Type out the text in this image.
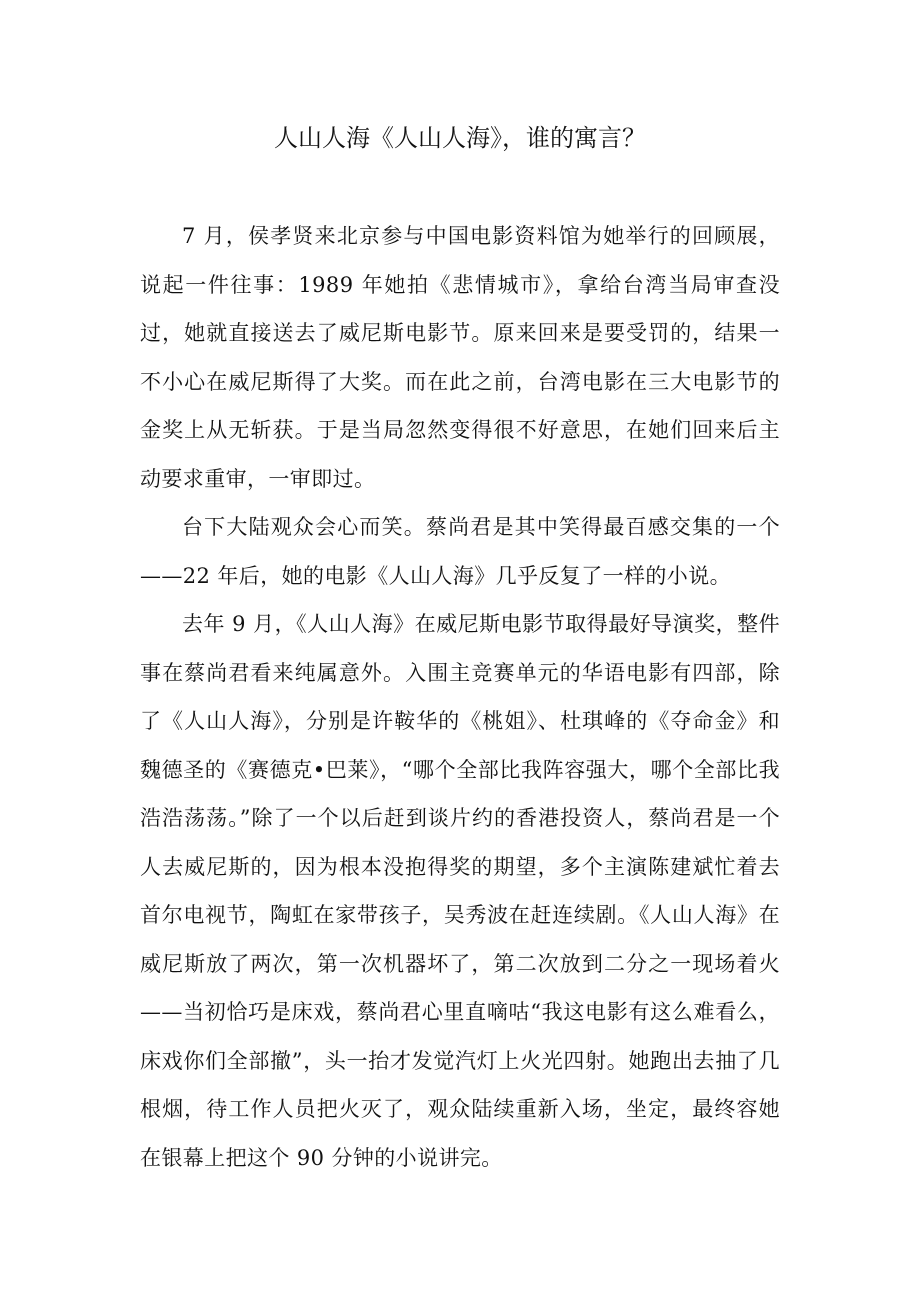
人山人海《人山人海》，谁的寓言？

7 月，侯孝贤来北京参与中国电影资料馆为她举行的回顾展，说起一件往事：1989 年她拍《悲情城市》，拿给台湾当局审查没过，她就直接送去了威尼斯电影节。原来回来是要受罚的，结果一不小心在威尼斯得了大奖。而在此之前，台湾电影在三大电影节的金奖上从无斩获。于是当局忽然变得很不好意思，在她们回来后主动要求重审，一审即过。

台下大陆观众会心而笑。蔡尚君是其中笑得最百感交集的一个——22 年后，她的电影《人山人海》几乎反复了一样的小说。

去年 9 月，《人山人海》在威尼斯电影节取得最好导演奖，整件事在蔡尚君看来纯属意外。入围主竞赛单元的华语电影有四部，除了《人山人海》，分别是许鞍华的《桃姐》、杜琪峰的《夺命金》和魏德圣的《赛德克•巴莱》，“哪个全部比我阵容强大，哪个全部比我浩浩荡荡。”除了一个以后赶到谈片约的香港投资人，蔡尚君是一个人去威尼斯的，因为根本没抱得奖的期望，多个主演陈建斌忙着去首尔电视节，陶虹在家带孩子，吴秀波在赶连续剧。《人山人海》在威尼斯放了两次，第一次机器坏了，第二次放到二分之一现场着火——当初恰巧是床戏，蔡尚君心里直嘀咕“我这电影有这么难看么，床戏你们全部撤”，头一抬才发觉汽灯上火光四射。她跑出去抽了几根烟，待工作人员把火灭了，观众陆续重新入场，坐定，最终容她在银幕上把这个 90 分钟的小说讲完。
